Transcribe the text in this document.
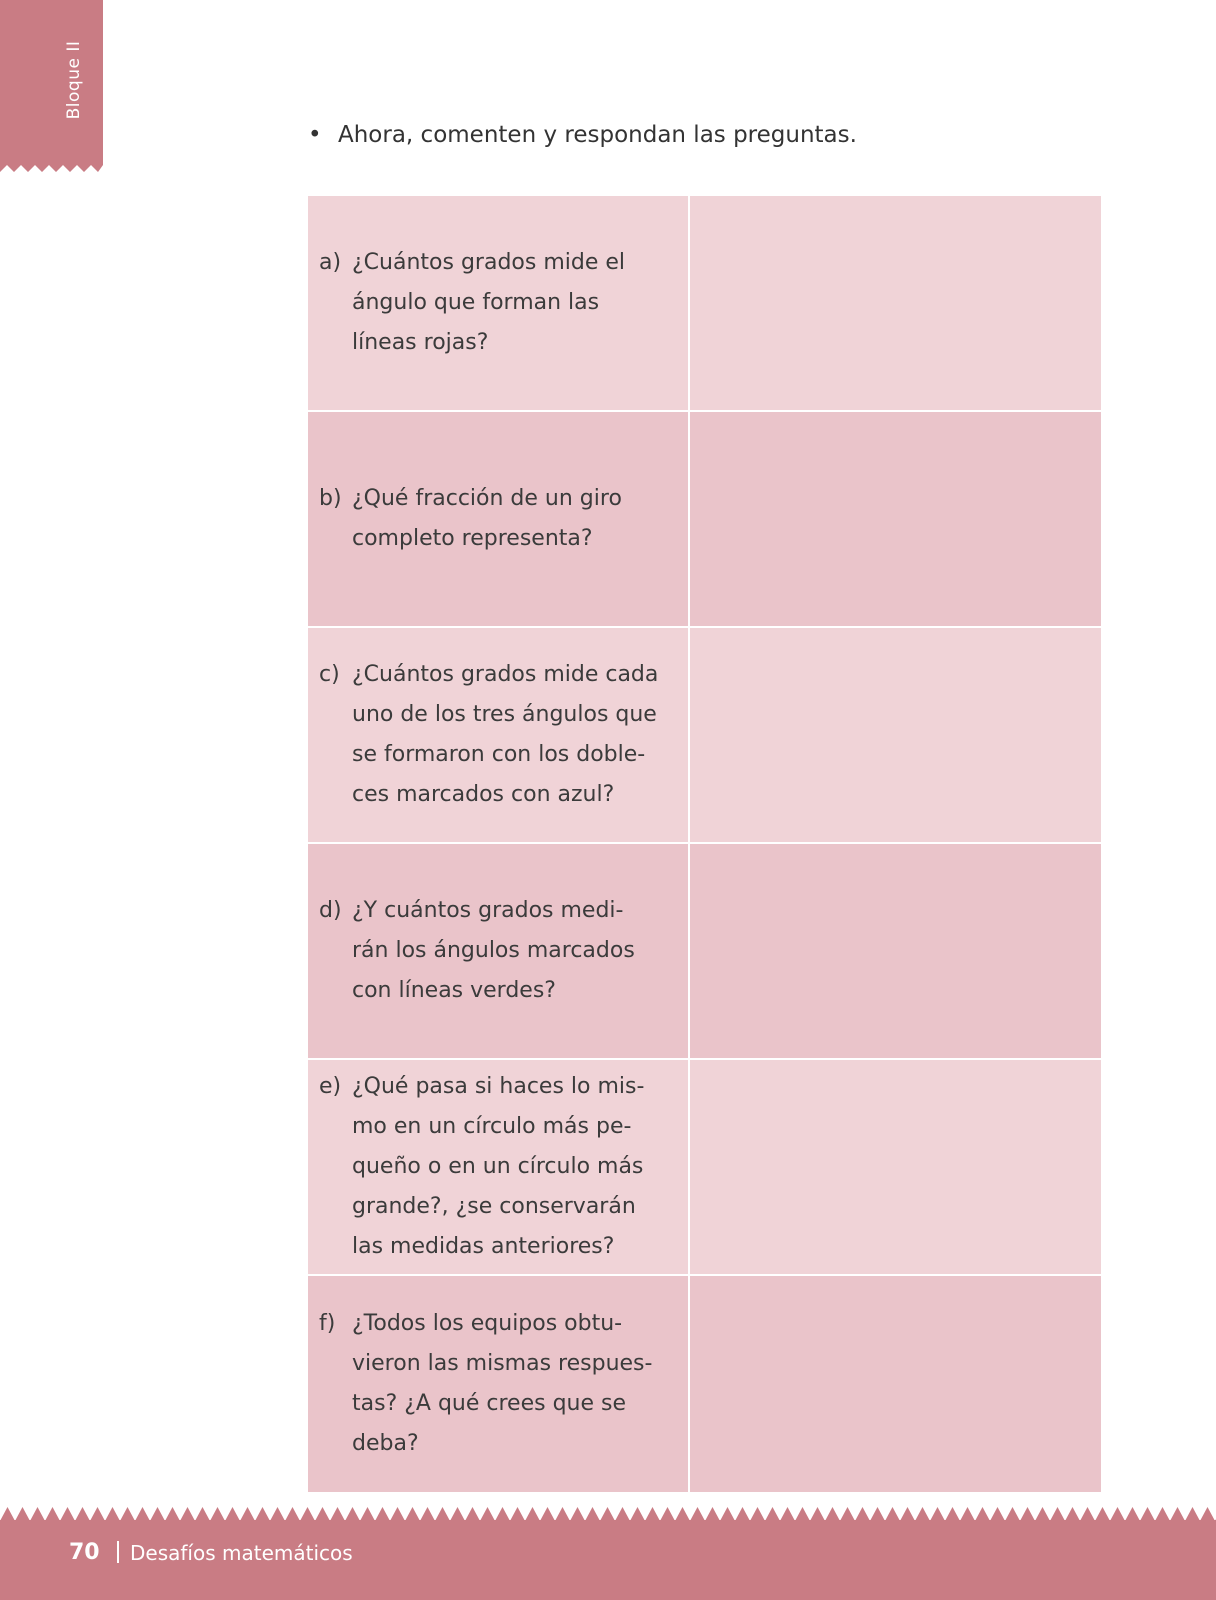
Bloque II
• Ahora, comenten y respondan las preguntas.
a) ¿Cuántos grados mide el
ángulo que forman las
líneas rojas?
b) ¿Qué fracción de un giro
completo representa?
c) ¿Cuántos grados mide cada
uno de los tres ángulos que
se formaron con los doble-
ces marcados con azul?
d) ¿Y cuántos grados medi-
rán los ángulos marcados
con líneas verdes?
e) ¿Qué pasa si haces lo mis-
mo en un círculo más pe-
queño o en un círculo más
grande?, ¿se conservarán
las medidas anteriores?
f) ¿Todos los equipos obtu-
vieron las mismas respues-
tas? ¿A qué crees que se
deba?
70 Desafíos matemáticos
